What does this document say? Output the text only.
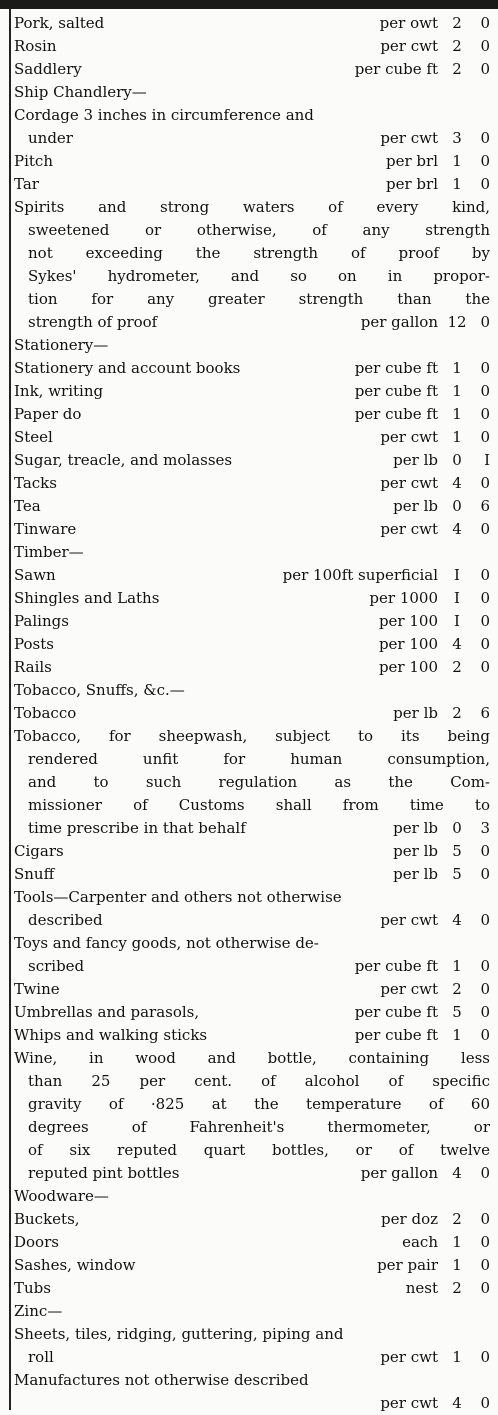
Pork, salted	per owt 2	0
Rosin	per cwt 2	0
Saddlery	per cube ft 2	0
Ship Chandlery—
Cordage 3 inches in circumference and
under	per cwt 3	0
Pitch	per brl 1	0
Tar	per brl 1	0
Spirits and strong waters of every kind,
sweetened or otherwise, of any strength
not exceeding the strength of proof by
Sykes' hydrometer, and so on in propor-
tion for any greater strength than the
strength of proof	per gallon 12 0
Stationery—
Stationery and account books	per cube ft 1	0
Ink, writing	per cube ft 1	0
Paper do	per cube ft 1	0
Steel	per cwt 1	0
Sugar, treacle, and molasses	per lb 0	I
Tacks	per cwt 4	0
Tea	per lb 0	6
Tinware	per cwt 4	0
Timber—
Sawn	per 100ft superficial	I	0
Shingles and Laths	per 1000	I	0
Palings	per 100	I	0
Posts	per 100 4	0
Rails	per 100 2	0
Tobacco, Snuffs, &c.—
Tobacco	per lb 2	6
Tobacco, for sheepwash, subject to its being
rendered unfit for human consumption,
and to such regulation as the Com-
missioner of Customs shall from time to
time prescribe in that behalf	per lb 0	3
Cigars	per lb 5	0
Snuff	per lb 5	0
Tools—Carpenter and others not otherwise
described	per cwt 4	0
Toys and fancy goods, not otherwise de-
scribed	per cube ft 1	0
Twine	per cwt 2	0
Umbrellas and parasols,	per cube ft 5	0
Whips and walking sticks	per cube ft 1	0
Wine, in wood and bottle, containing less
than 25 per cent. of alcohol of specific
gravity of ·825 at the temperature of 60
degrees of Fahrenheit's thermometer, or
of six reputed quart bottles, or of twelve
reputed pint bottles	per gallon 4	0
Woodware—
Buckets,	per doz 2	0
Doors	each 1	0
Sashes, window	per pair 1	0
Tubs	nest 2	0
Zinc—
Sheets, tiles, ridging, guttering, piping and
roll	per cwt 1	0
Manufactures not otherwise described
per cwt 4	0
